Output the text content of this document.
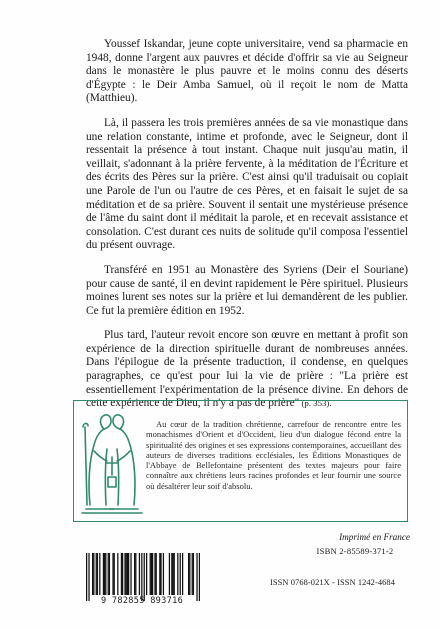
Youssef Iskandar, jeune copte universitaire, vend sa pharmacie en 1948, donne l'argent aux pauvres et décide d'offrir sa vie au Seigneur dans le monastère le plus pauvre et le moins connu des déserts d'Égypte : le Deir Amba Samuel, où il reçoit le nom de Matta (Matthieu).

Là, il passera les trois premières années de sa vie monastique dans une relation constante, intime et profonde, avec le Seigneur, dont il ressentait la présence à tout instant. Chaque nuit jusqu'au matin, il veillait, s'adonnant à la prière fervente, à la méditation de l'Écriture et des écrits des Pères sur la prière. C'est ainsi qu'il traduisait ou copiait une Parole de l'un ou l'autre de ces Pères, et en faisait le sujet de sa méditation et de sa prière. Souvent il sentait une mystérieuse présence de l'âme du saint dont il méditait la parole, et en recevait assistance et consolation. C'est durant ces nuits de solitude qu'il composa l'essentiel du présent ouvrage.

Transféré en 1951 au Monastère des Syriens (Deir el Souriane) pour cause de santé, il en devint rapidement le Père spirituel. Plusieurs moines lurent ses notes sur la prière et lui demandèrent de les publier. Ce fut la première édition en 1952.

Plus tard, l'auteur revoit encore son œuvre en mettant à profit son expérience de la direction spirituelle durant de nombreuses années. Dans l'épilogue de la présente traduction, il condense, en quelques paragraphes, ce qu'est pour lui la vie de prière : "La prière est essentiellement l'expérimentation de la présence divine. En dehors de cette expérience de Dieu, il n'y a pas de prière" (p. 353).

Au cœur de la tradition chrétienne, carrefour de rencontre entre les monachismes d'Orient et d'Occident, lieu d'un dialogue fécond entre la spiritualité des origines et ses expressions contemporaines, accueillant des auteurs de diverses traditions ecclésiales, les Éditions Monastiques de l'Abbaye de Bellefontaine présentent des textes majeurs pour faire connaître aux chrétiens leurs racines profondes et leur fournir une source où désaltérer leur soif d'absolu.

Imprimé en France
ISBN 2-85589-371-2
ISSN 0768-021X - ISSN 1242-4684
9 782855 893716
